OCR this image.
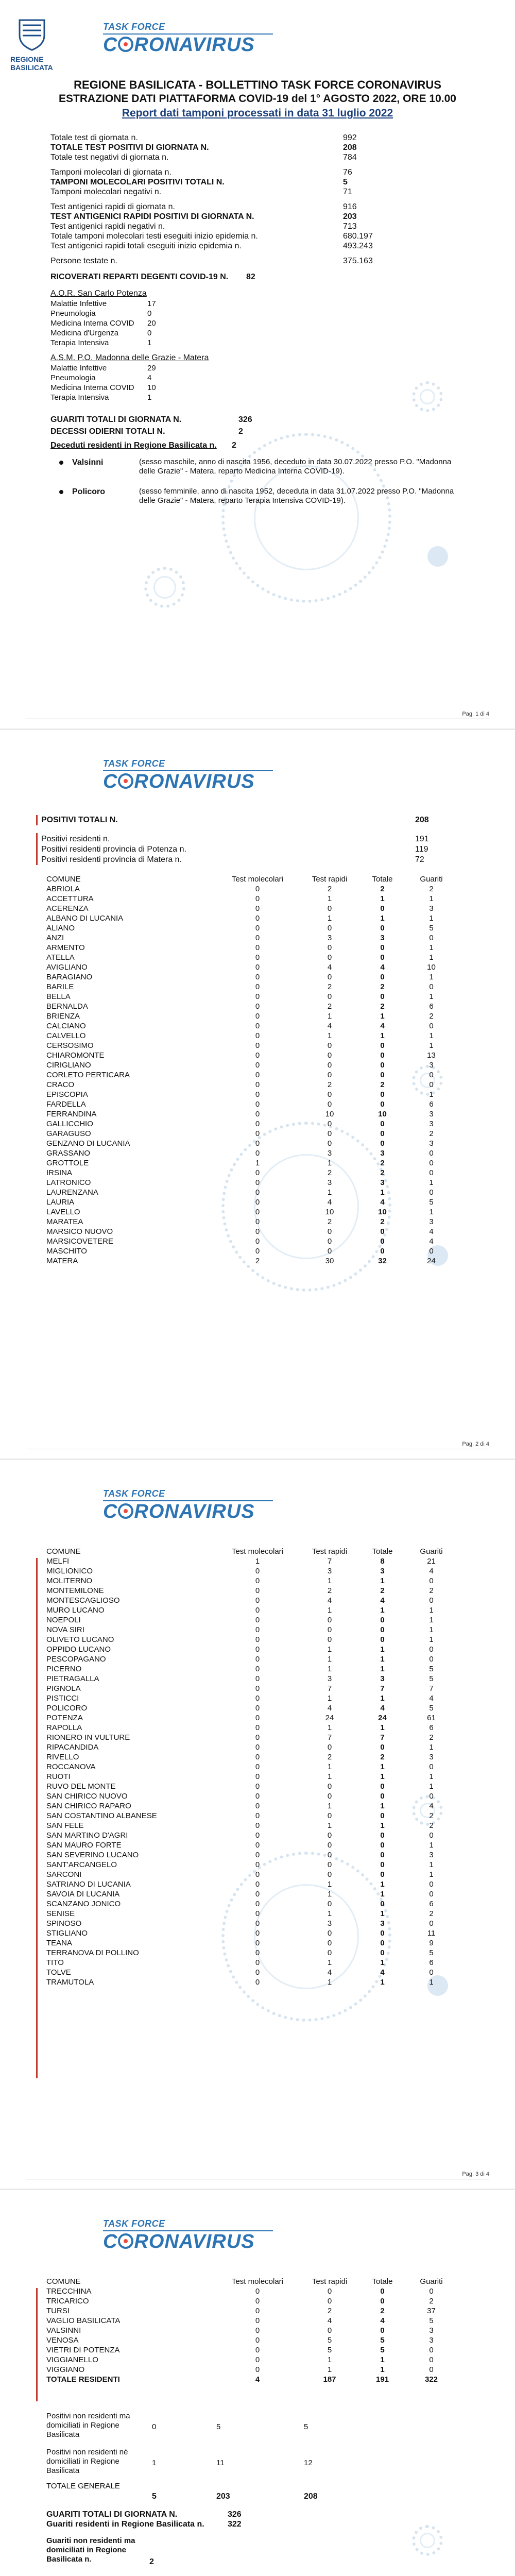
REGIONE BASILICATA
TASK FORCE
C RONAVIRUS
REGIONE BASILICATA - BOLLETTINO TASK FORCE CORONAVIRUS
ESTRAZIONE DATI PIATTAFORMA COVID-19 del 1° AGOSTO 2022, ORE 10.00
Report dati tamponi processati in data 31 luglio 2022
Totale test di giornata n.	992
TOTALE TEST POSITIVI DI GIORNATA N.	208
Totale test negativi di giornata n.	784
Tamponi molecolari di giornata n.	76
TAMPONI MOLECOLARI POSITIVI TOTALI N.	5
Tamponi molecolari negativi n.	71
Test antigenici rapidi di giornata n.	916
TEST ANTIGENICI RAPIDI POSITIVI DI GIORNATA N.	203
Test antigenici rapidi negativi n.	713
Totale tamponi molecolari testi eseguiti inizio epidemia n.	680.197
Test antigenici rapidi totali eseguiti inizio epidemia n.	493.243
Persone testate n.	375.163
RICOVERATI REPARTI DEGENTI COVID-19 N. 82
A.O.R. San Carlo Potenza
Malattie Infettive	17
Pneumologia	0
Medicina Interna COVID 20
Medicina d'Urgenza	0
Terapia Intensiva	1
A.S.M. P.O. Madonna delle Grazie - Matera
Malattie Infettive	29
Pneumologia	4
Medicina Interna COVID 10
Terapia Intensiva	1
GUARITI TOTALI DI GIORNATA N.	326
DECESSI ODIERNI TOTALI N.	2
Deceduti residenti in Regione Basilicata n. 2
Valsinni	(sesso maschile, anno di nascita 1956, deceduto in data 30.07.2022 presso P.O. "Madonna delle Grazie" - Matera, reparto Medicina Interna COVID-19).
Policoro	(sesso femminile, anno di nascita 1952, deceduta in data 31.07.2022 presso P.O. "Madonna delle Grazie" - Matera, reparto Terapia Intensiva COVID-19).
Pag. 1 di 4
TASK FORCE
C RONAVIRUS
POSITIVI TOTALI N.	208
Positivi residenti n.	191
Positivi residenti provincia di Potenza n.	119
Positivi residenti provincia di Matera n.	72
COMUNE	Test molecolari	Test rapidi	Totale	Guariti
ABRIOLA	0	2	2	2
ACCETTURA	0	1	1	1
ACERENZA	0	0	0	3
ALBANO DI LUCANIA	0	1	1	1
ALIANO	0	0	0	5
ANZI	0	3	3	0
ARMENTO	0	0	0	1
ATELLA	0	0	0	1
AVIGLIANO	0	4	4	10
BARAGIANO	0	0	0	1
BARILE	0	2	2	0
BELLA	0	0	0	1
BERNALDA	0	2	2	6
BRIENZA	0	1	1	2
CALCIANO	0	4	4	0
CALVELLO	0	1	1	1
CERSOSIMO	0	0	0	1
CHIAROMONTE	0	0	0	13
CIRIGLIANO	0	0	0	3
CORLETO PERTICARA	0	0	0	0
CRACO	0	2	2	0
EPISCOPIA	0	0	0	1
FARDELLA	0	0	0	6
FERRANDINA	0	10	10	3
GALLICCHIO	0	0	0	3
GARAGUSO	0	0	0	2
GENZANO DI LUCANIA	0	0	0	3
GRASSANO	0	3	3	0
GROTTOLE	1	1	2	0
IRSINA	0	2	2	0
LATRONICO	0	3	3	1
LAURENZANA	0	1	1	0
LAURIA	0	4	4	5
LAVELLO	0	10	10	1
MARATEA	0	2	2	3
MARSICO NUOVO	0	0	0	4
MARSICOVETERE	0	0	0	4
MASCHITO	0	0	0	0
MATERA	2	30	32	24
Pag. 2 di 4
TASK FORCE
C RONAVIRUS
COMUNE	Test molecolari	Test rapidi	Totale	Guariti
MELFI	1	7	8	21
MIGLIONICO	0	3	3	4
MOLITERNO	0	1	1	0
MONTEMILONE	0	2	2	2
MONTESCAGLIOSO	0	4	4	0
MURO LUCANO	0	1	1	1
NOEPOLI	0	0	0	1
NOVA SIRI	0	0	0	1
OLIVETO LUCANO	0	0	0	1
OPPIDO LUCANO	0	1	1	0
PESCOPAGANO	0	1	1	0
PICERNO	0	1	1	5
PIETRAGALLA	0	3	3	5
PIGNOLA	0	7	7	7
PISTICCI	0	1	1	4
POLICORO	0	4	4	5
POTENZA	0	24	24	61
RAPOLLA	0	1	1	6
RIONERO IN VULTURE	0	7	7	2
RIPACANDIDA	0	0	0	1
RIVELLO	0	2	2	3
ROCCANOVA	0	1	1	0
RUOTI	0	1	1	1
RUVO DEL MONTE	0	0	0	1
SAN CHIRICO NUOVO	0	0	0	0
SAN CHIRICO RAPARO	0	1	1	4
SAN COSTANTINO ALBANESE	0	0	0	2
SAN FELE	0	1	1	2
SAN MARTINO D'AGRI	0	0	0	0
SAN MAURO FORTE	0	0	0	1
SAN SEVERINO LUCANO	0	0	0	3
SANT'ARCANGELO	0	0	0	1
SARCONI	0	0	0	1
SATRIANO DI LUCANIA	0	1	1	0
SAVOIA DI LUCANIA	0	1	1	0
SCANZANO JONICO	0	0	0	6
SENISE	0	1	1	2
SPINOSO	0	3	3	0
STIGLIANO	0	0	0	11
TEANA	0	0	0	9
TERRANOVA DI POLLINO	0	0	0	5
TITO	0	1	1	6
TOLVE	0	4	4	0
TRAMUTOLA	0	1	1	1
Pag. 3 di 4
TASK FORCE
C RONAVIRUS
COMUNE	Test molecolari	Test rapidi	Totale	Guariti
TRECCHINA	0	0	0	0
TRICARICO	0	0	0	2
TURSI	0	2	2	37
VAGLIO BASILICATA	0	4	4	5
VALSINNI	0	0	0	3
VENOSA	0	5	5	3
VIETRI DI POTENZA	0	5	5	0
VIGGIANELLO	0	1	1	0
VIGGIANO	0	1	1	0
TOTALE RESIDENTI	4	187	191	322
Positivi non residenti ma domiciliati in Regione Basilicata
0	5	5
Positivi non residenti né domiciliati in Regione Basilicata
1	11	12
TOTALE GENERALE
5	203	208
GUARITI TOTALI DI GIORNATA N.	326
Guariti residenti in Regione Basilicata n.	322
Guariti non residenti ma domiciliati in Regione Basilicata n.	2
